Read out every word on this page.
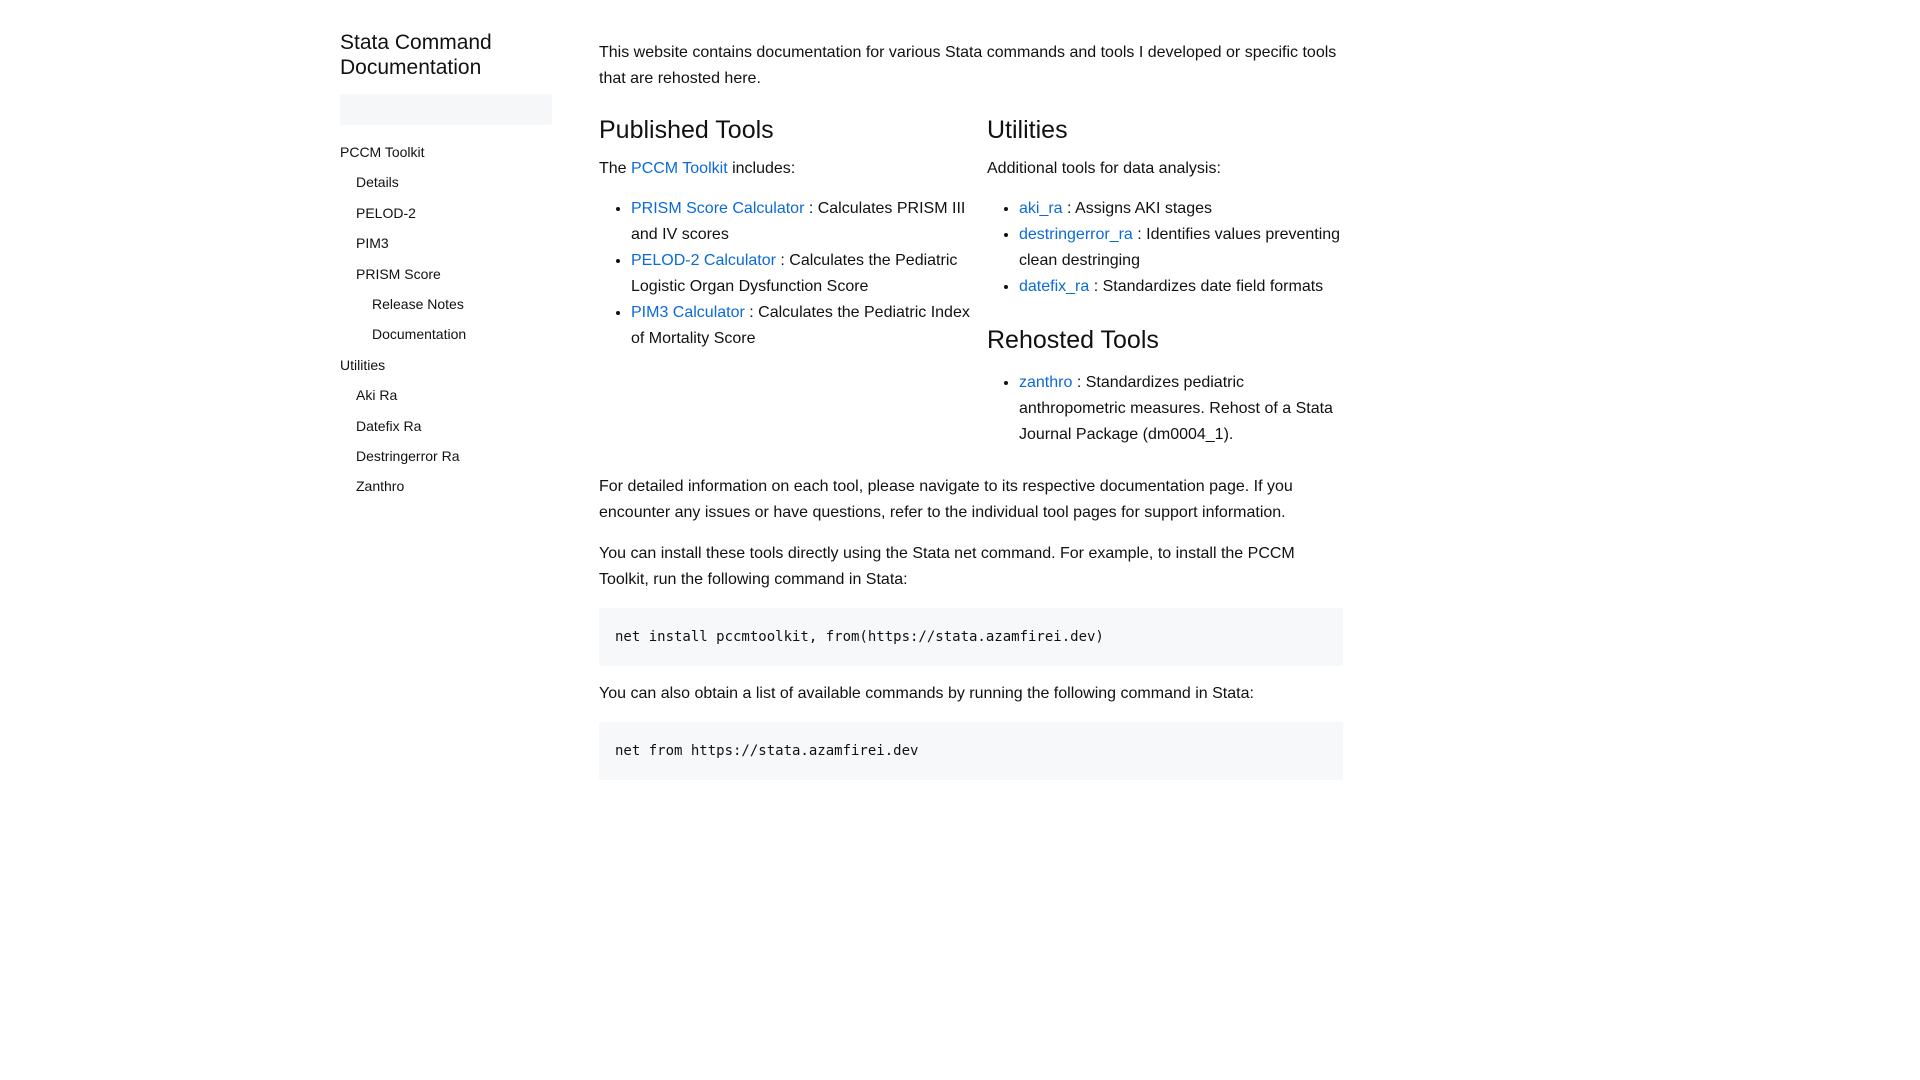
Stata Command Documentation
PCCM Toolkit
Details
PELOD-2
PIM3
PRISM Score
Release Notes
Documentation
Utilities
Aki Ra
Datefix Ra
Destringerror Ra
Zanthro

This website contains documentation for various Stata commands and tools I developed or specific tools that are rehosted here.

Published Tools

The PCCM Toolkit includes:

• PRISM Score Calculator : Calculates PRISM III and IV scores
• PELOD-2 Calculator : Calculates the Pediatric Logistic Organ Dysfunction Score
• PIM3 Calculator : Calculates the Pediatric Index of Mortality Score
Utilities

Additional tools for data analysis:

• aki_ra : Assigns AKI stages
• destringerror_ra : Identifies values preventing clean destringing
• datefix_ra : Standardizes date field formats
Rehosted Tools
• zanthro : Standardizes pediatric anthropometric measures. Rehost of a Stata Journal Package (dm0004_1).

For detailed information on each tool, please navigate to its respective documentation page. If you encounter any issues or have questions, refer to the individual tool pages for support information.

You can install these tools directly using the Stata net command. For example, to install the PCCM Toolkit, run the following command in Stata:

net install pccmtoolkit, from(https://stata.azamfirei.dev)

You can also obtain a list of available commands by running the following command in Stata:

net from https://stata.azamfirei.dev
